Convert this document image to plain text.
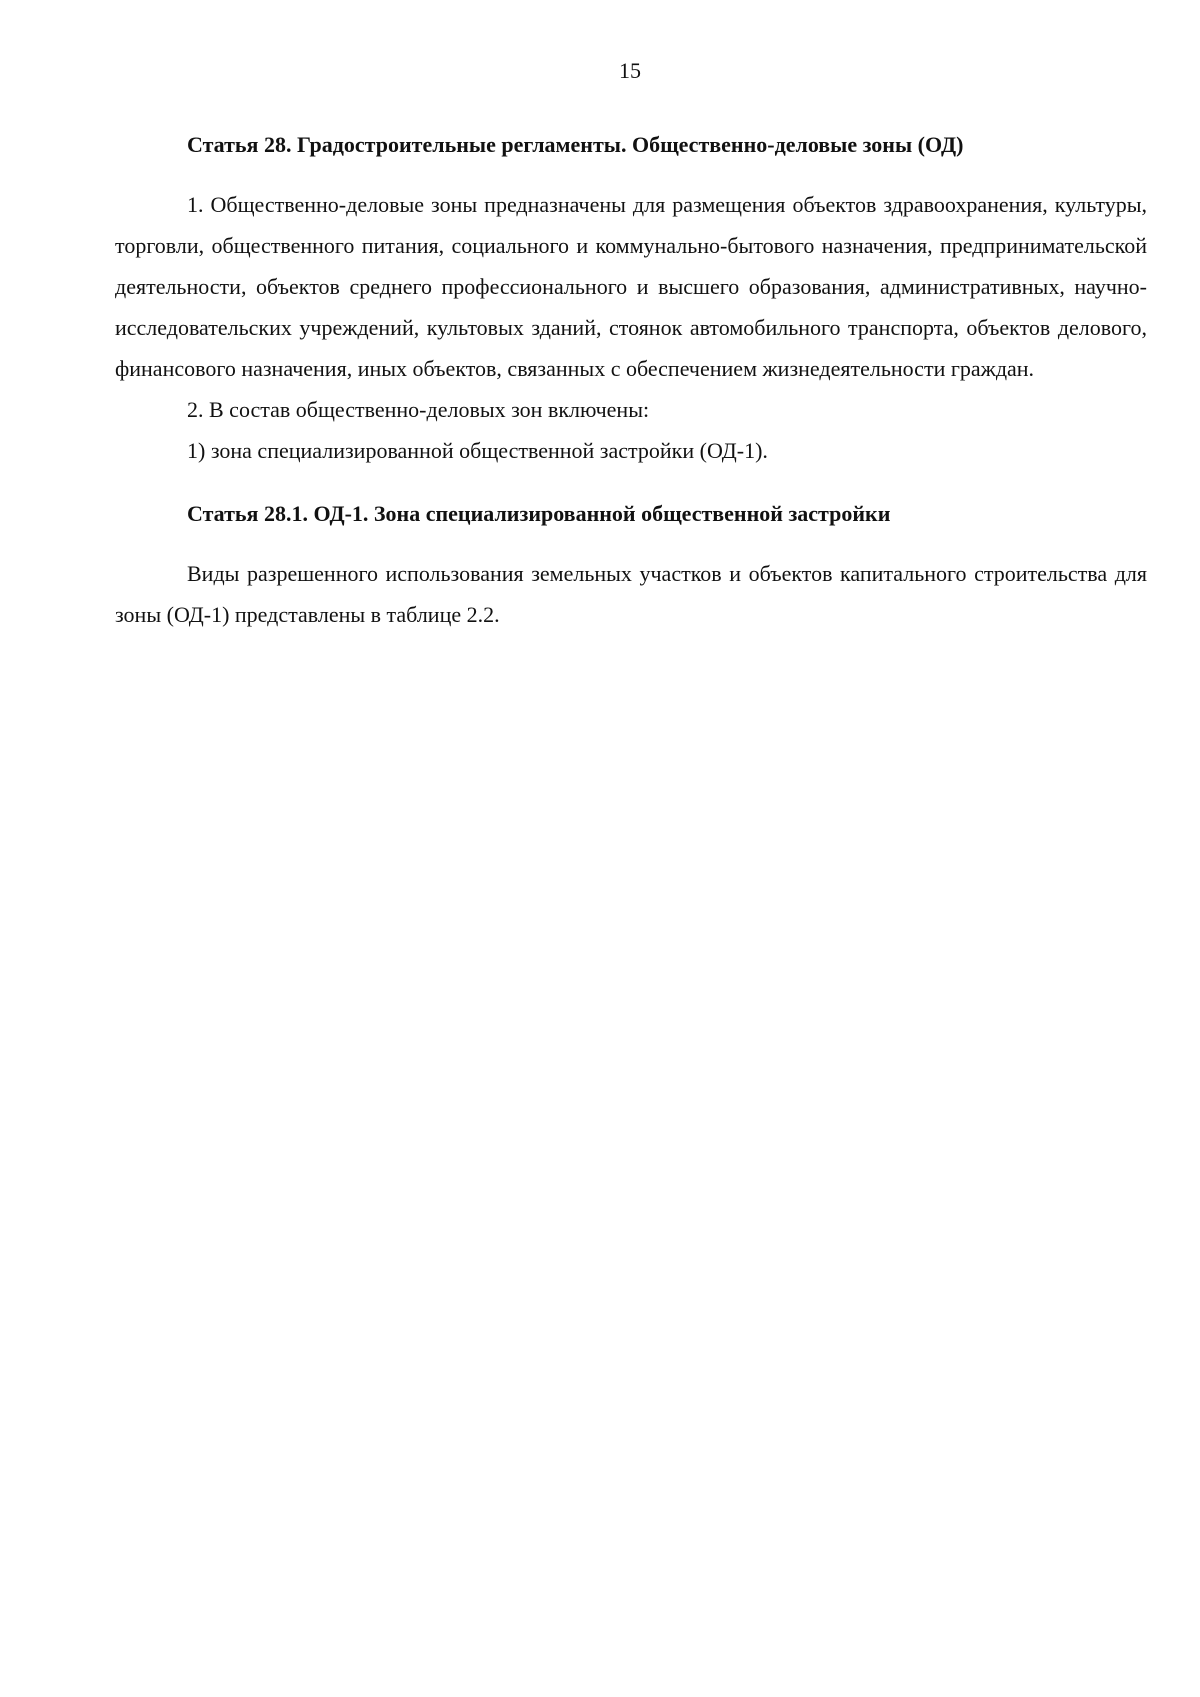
15
Статья 28. Градостроительные регламенты. Общественно-деловые зоны (ОД)

1. Общественно-деловые зоны предназначены для размещения объектов здравоохранения, культуры, торговли, общественного питания, социального и коммунально-бытового назначения, предпринимательской деятельности, объектов среднего профессионального и высшего образования, административных, научно-исследовательских учреждений, культовых зданий, стоянок автомобильного транспорта, объектов делового, финансового назначения, иных объектов, связанных с обеспечением жизнедеятельности граждан.

2. В состав общественно-деловых зон включены:

1) зона специализированной общественной застройки (ОД-1).

Статья 28.1. ОД-1. Зона специализированной общественной застройки

Виды разрешенного использования земельных участков и объектов капитального строительства для зоны (ОД-1) представлены в таблице 2.2.
